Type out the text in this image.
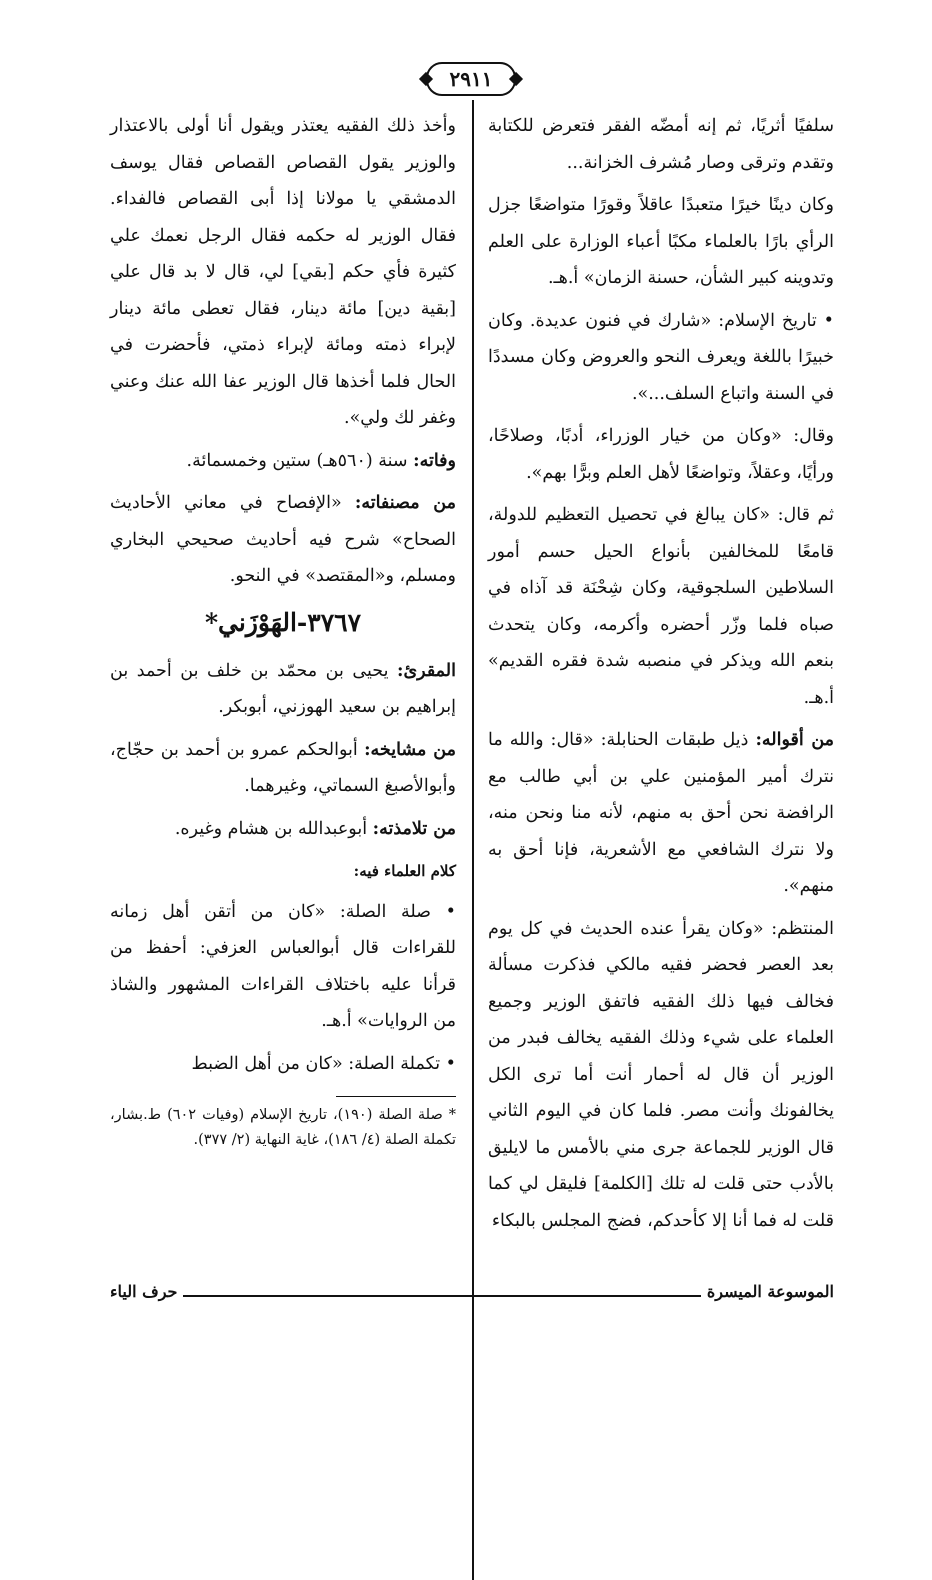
٢٩١١

سلفيًا أثريًا، ثم إنه أمضّه الفقر فتعرض للكتابة وتقدم وترقى وصار مُشرف الخزانة...

وكان دينًا خيرًا متعبدًا عاقلاً وقورًا متواضعًا جزل الرأي بارًا بالعلماء مكبًا أعباء الوزارة على العلم وتدوينه كبير الشأن، حسنة الزمان» أ.هـ.

• تاريخ الإسلام: «شارك في فنون عديدة. وكان خبيرًا باللغة ويعرف النحو والعروض وكان مسددًا في السنة واتباع السلف...».

وقال: «وكان من خيار الوزراء، أدبًا، وصلاحًا، ورأيًا، وعقلاً، وتواضعًا لأهل العلم وبرًّا بهم».

ثم قال: «كان يبالغ في تحصيل التعظيم للدولة، قامعًا للمخالفين بأنواع الحيل حسم أمور السلاطين السلجوقية، وكان شِحْنَة قد آذاه في صباه فلما وزّر أحضره وأكرمه، وكان يتحدث بنعم الله ويذكر في منصبه شدة فقره القديم» أ.هـ.

من أقواله: ذيل طبقات الحنابلة: «قال: والله ما نترك أمير المؤمنين علي بن أبي طالب مع الرافضة نحن أحق به منهم، لأنه منا ونحن منه، ولا نترك الشافعي مع الأشعرية، فإنا أحق به منهم».

المنتظم: «وكان يقرأ عنده الحديث في كل يوم بعد العصر فحضر فقيه مالكي فذكرت مسألة فخالف فيها ذلك الفقيه فاتفق الوزير وجميع العلماء على شيء وذلك الفقيه يخالف فبدر من الوزير أن قال له أحمار أنت أما ترى الكل يخالفونك وأنت مصر. فلما كان في اليوم الثاني قال الوزير للجماعة جرى مني بالأمس ما لايليق بالأدب حتى قلت له تلك [الكلمة] فليقل لي كما قلت له فما أنا إلا كأحدكم، فضج المجلس بالبكاء

وأخذ ذلك الفقيه يعتذر ويقول أنا أولى بالاعتذار والوزير يقول القصاص القصاص فقال يوسف الدمشقي يا مولانا إذا أبى القصاص فالفداء. فقال الوزير له حكمه فقال الرجل نعمك علي كثيرة فأي حكم [بقي] لي، قال لا بد قال علي [بقية دين] مائة دينار، فقال تعطى مائة دينار لإبراء ذمته ومائة لإبراء ذمتي، فأحضرت في الحال فلما أخذها قال الوزير عفا الله عنك وعني وغفر لك ولي».

وفاته: سنة (٥٦٠هـ) ستين وخمسمائة.

من مصنفاته: «الإفصاح في معاني الأحاديث الصحاح» شرح فيه أحاديث صحيحي البخاري ومسلم، و«المقتصد» في النحو.

٣٧٦٧-الهَوْزَني*

المقرئ: يحيى بن محمّد بن خلف بن أحمد بن إبراهيم بن سعيد الهوزني، أبوبكر.

من مشايخه: أبوالحكم عمرو بن أحمد بن حجّاج، وأبوالأصبغ السماتي، وغيرهما.

من تلامذته: أبوعبدالله بن هشام وغيره.

كلام العلماء فيه:

• صلة الصلة: «كان من أتقن أهل زمانه للقراءات قال أبوالعباس العزفي: أحفظ من قرأنا عليه باختلاف القراءات المشهور والشاذ من الروايات» أ.هـ.

• تكملة الصلة: «كان من أهل الضبط

* صلة الصلة (١٩٠)، تاريخ الإسلام (وفيات ٦٠٢) ط.بشار، تكملة الصلة (٤/ ١٨٦)، غاية النهاية (٢/ ٣٧٧).
الموسوعة الميسرة
حرف الياء
